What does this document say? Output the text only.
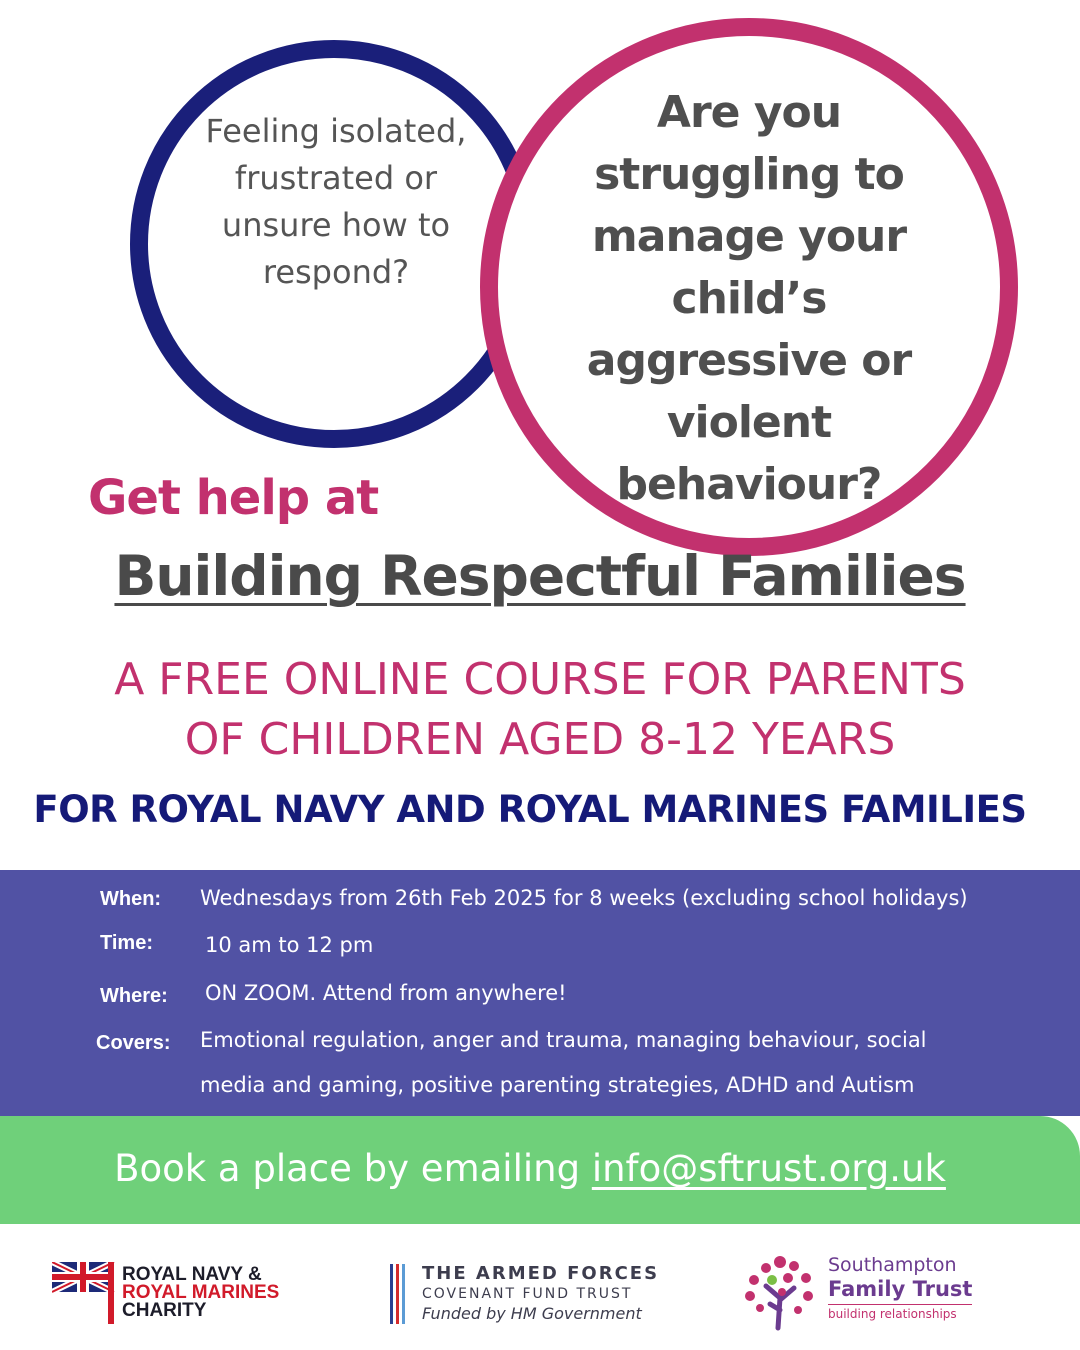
Feeling isolated, frustrated or unsure how to respond?
Are you struggling to manage your child’s aggressive or violent behaviour?
Get help at
Building Respectful Families
A FREE ONLINE COURSE FOR PARENTS
OF CHILDREN AGED 8-12 YEARS
FOR ROYAL NAVY AND ROYAL MARINES FAMILIES
When: Wednesdays from 26th Feb 2025 for 8 weeks (excluding school holidays)
Time: 10 am to 12 pm
Where: ON ZOOM. Attend from anywhere!
Covers: Emotional regulation, anger and trauma, managing behaviour, social
media and gaming, positive parenting strategies, ADHD and Autism
Book a place by emailing info@sftrust.org.uk
ROYAL NAVY &
ROYAL MARINES
CHARITY
THE ARMED FORCES
COVENANT FUND TRUST
Funded by HM Government
Southampton
Family Trust
building relationships
